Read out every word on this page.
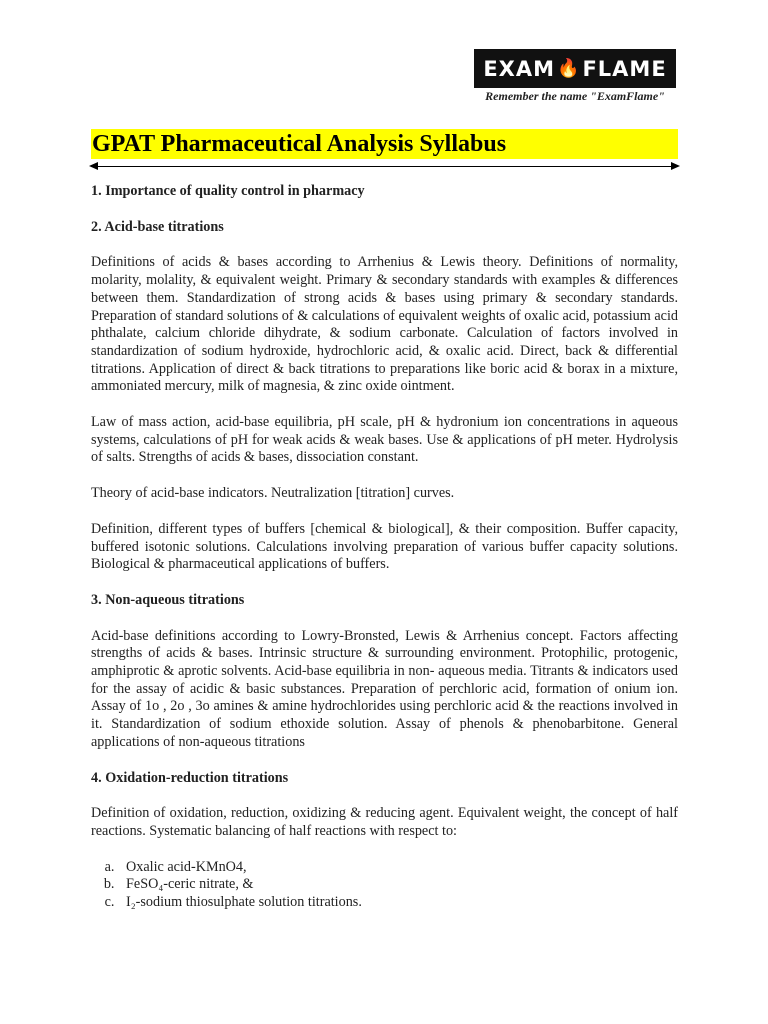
EXAM 🔥 FLAME
Remember the name "ExamFlame"
GPAT Pharmaceutical Analysis Syllabus
1. Importance of quality control in pharmacy
2. Acid-base titrations

Definitions of acids & bases according to Arrhenius & Lewis theory. Definitions of normality, molarity, molality, & equivalent weight. Primary & secondary standards with examples & differences between them. Standardization of strong acids & bases using primary & secondary standards. Preparation of standard solutions of & calculations of equivalent weights of oxalic acid, potassium acid phthalate, calcium chloride dihydrate, & sodium carbonate. Calculation of factors involved in standardization of sodium hydroxide, hydrochloric acid, & oxalic acid. Direct, back & differential titrations. Application of direct & back titrations to preparations like boric acid & borax in a mixture, ammoniated mercury, milk of magnesia, & zinc oxide ointment.

Law of mass action, acid-base equilibria, pH scale, pH & hydronium ion concentrations in aqueous systems, calculations of pH for weak acids & weak bases. Use & applications of pH meter. Hydrolysis of salts. Strengths of acids & bases, dissociation constant.

Theory of acid-base indicators. Neutralization [titration] curves.

Definition, different types of buffers [chemical & biological], & their composition. Buffer capacity, buffered isotonic solutions. Calculations involving preparation of various buffer capacity solutions. Biological & pharmaceutical applications of buffers.

3. Non-aqueous titrations

Acid-base definitions according to Lowry-Bronsted, Lewis & Arrhenius concept. Factors affecting strengths of acids & bases. Intrinsic structure & surrounding environment. Protophilic, protogenic, amphiprotic & aprotic solvents. Acid-base equilibria in non- aqueous media. Titrants & indicators used for the assay of acidic & basic substances. Preparation of perchloric acid, formation of onium ion. Assay of 1o , 2o , 3o amines & amine hydrochlorides using perchloric acid & the reactions involved in it. Standardization of sodium ethoxide solution. Assay of phenols & phenobarbitone. General applications of non-aqueous titrations

4. Oxidation-reduction titrations

Definition of oxidation, reduction, oxidizing & reducing agent. Equivalent weight, the concept of half reactions. Systematic balancing of half reactions with respect to:

a. Oxalic acid-KMnO4,
b. FeSO₄-ceric nitrate, &
c. I₂-sodium thiosulphate solution titrations.
